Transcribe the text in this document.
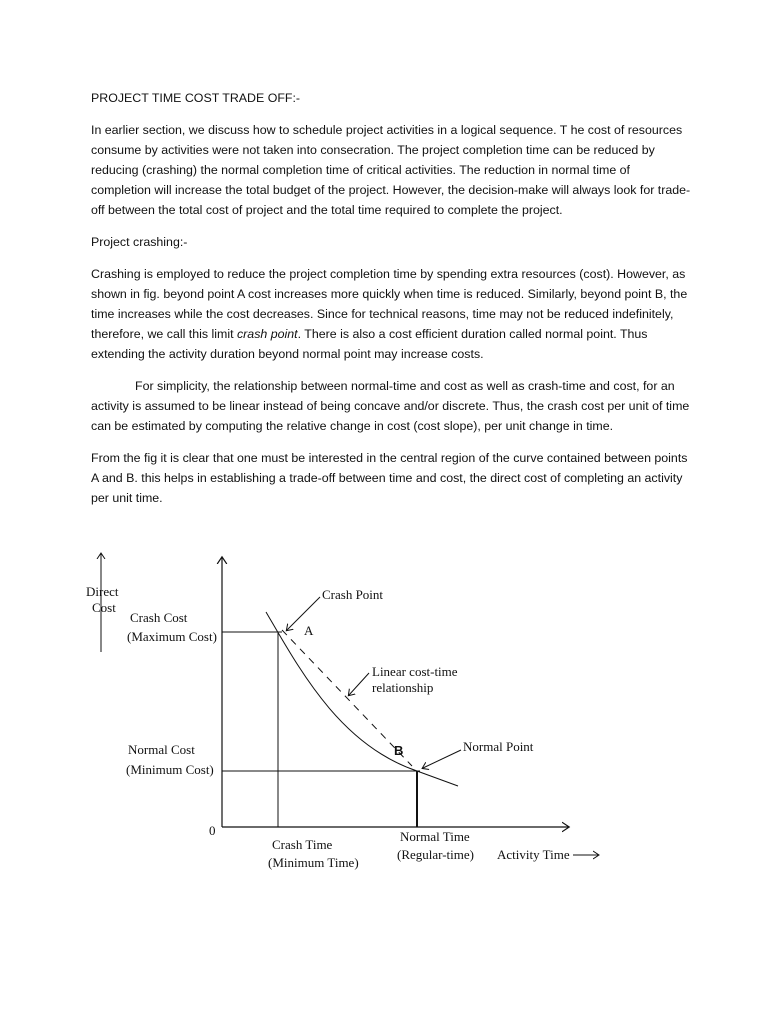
PROJECT TIME COST TRADE OFF:-

In earlier section, we discuss how to schedule project activities in a logical sequence. T he cost of resources consume by activities were not taken into consecration. The project completion time can be reduced by reducing (crashing) the normal completion time of critical activities. The reduction in normal time of completion will increase the total budget of the project. However, the decision-make will always look for trade-off between the total cost of project and the total time required to complete the project.

Project crashing:-

Crashing is employed to reduce the project completion time by spending extra resources (cost). However, as shown in fig. beyond point A cost increases more quickly when time is reduced. Similarly, beyond point B, the time increases while the cost decreases. Since for technical reasons, time may not be reduced indefinitely, therefore, we call this limit crash point. There is also a cost efficient duration called normal point. Thus extending the activity duration beyond normal point may increase costs.

For simplicity, the relationship between normal-time and cost as well as crash-time and cost, for an activity is assumed to be linear instead of being concave and/or discrete. Thus, the crash cost per unit of time can be estimated by computing the relative change in cost (cost slope), per unit change in time.

From the fig it is clear that one must be interested in the central region of the curve contained between points A and B. this helps in establishing a trade-off between time and cost, the direct cost of completing an activity per unit time.

Direct
Cost
0
Crash Cost
(Maximum Cost)
Normal Cost
(Minimum Cost)
Crash Point
A
Linear cost-time
relationship
B	Normal Point
Crash Time
(Minimum Time)
Normal Time
(Regular-time) Activity Time
